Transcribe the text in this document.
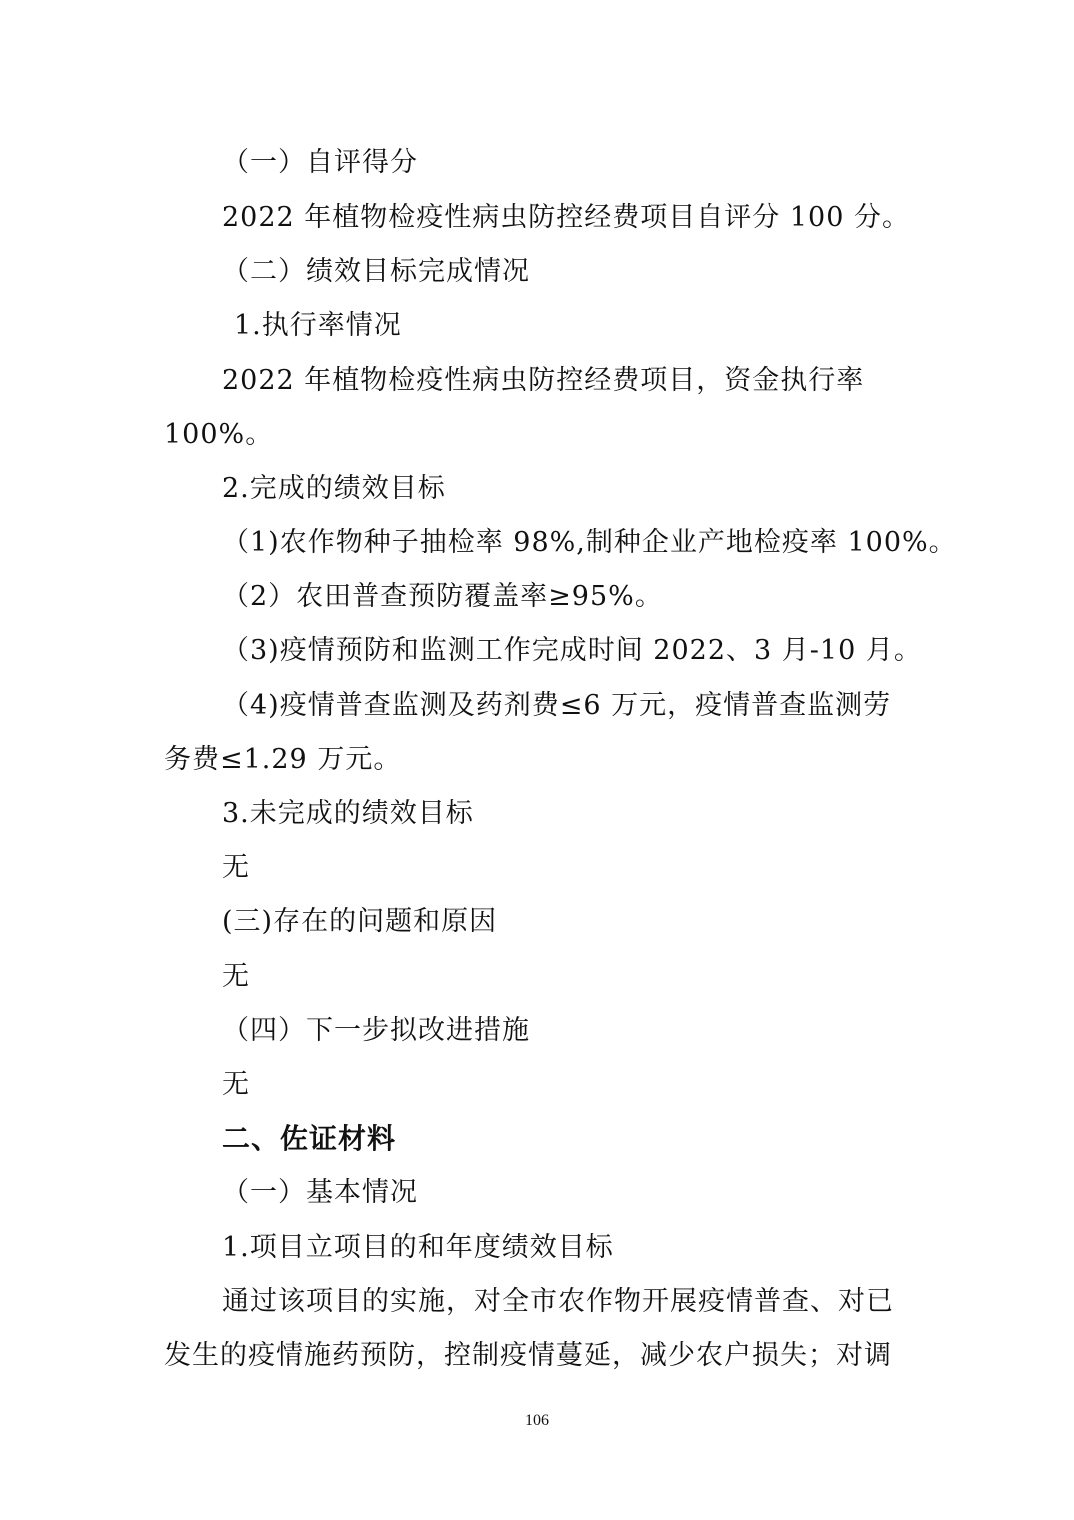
（一）自评得分
2022 年植物检疫性病虫防控经费项目自评分 100 分。
（二）绩效目标完成情况
1.执行率情况
2022 年植物检疫性病虫防控经费项目，资金执行率
100%。
2.完成的绩效目标
（1)农作物种子抽检率 98%,制种企业产地检疫率 100%。
（2）农田普查预防覆盖率≥95%。
（3)疫情预防和监测工作完成时间 2022、3 月-10 月。
（4)疫情普查监测及药剂费≤6 万元，疫情普查监测劳
务费≤1.29 万元。
3.未完成的绩效目标
无
(三)存在的问题和原因
无
（四）下一步拟改进措施
无
二、佐证材料
（一）基本情况
1.项目立项目的和年度绩效目标
通过该项目的实施，对全市农作物开展疫情普查、对已
发生的疫情施药预防，控制疫情蔓延，减少农户损失；对调
106
